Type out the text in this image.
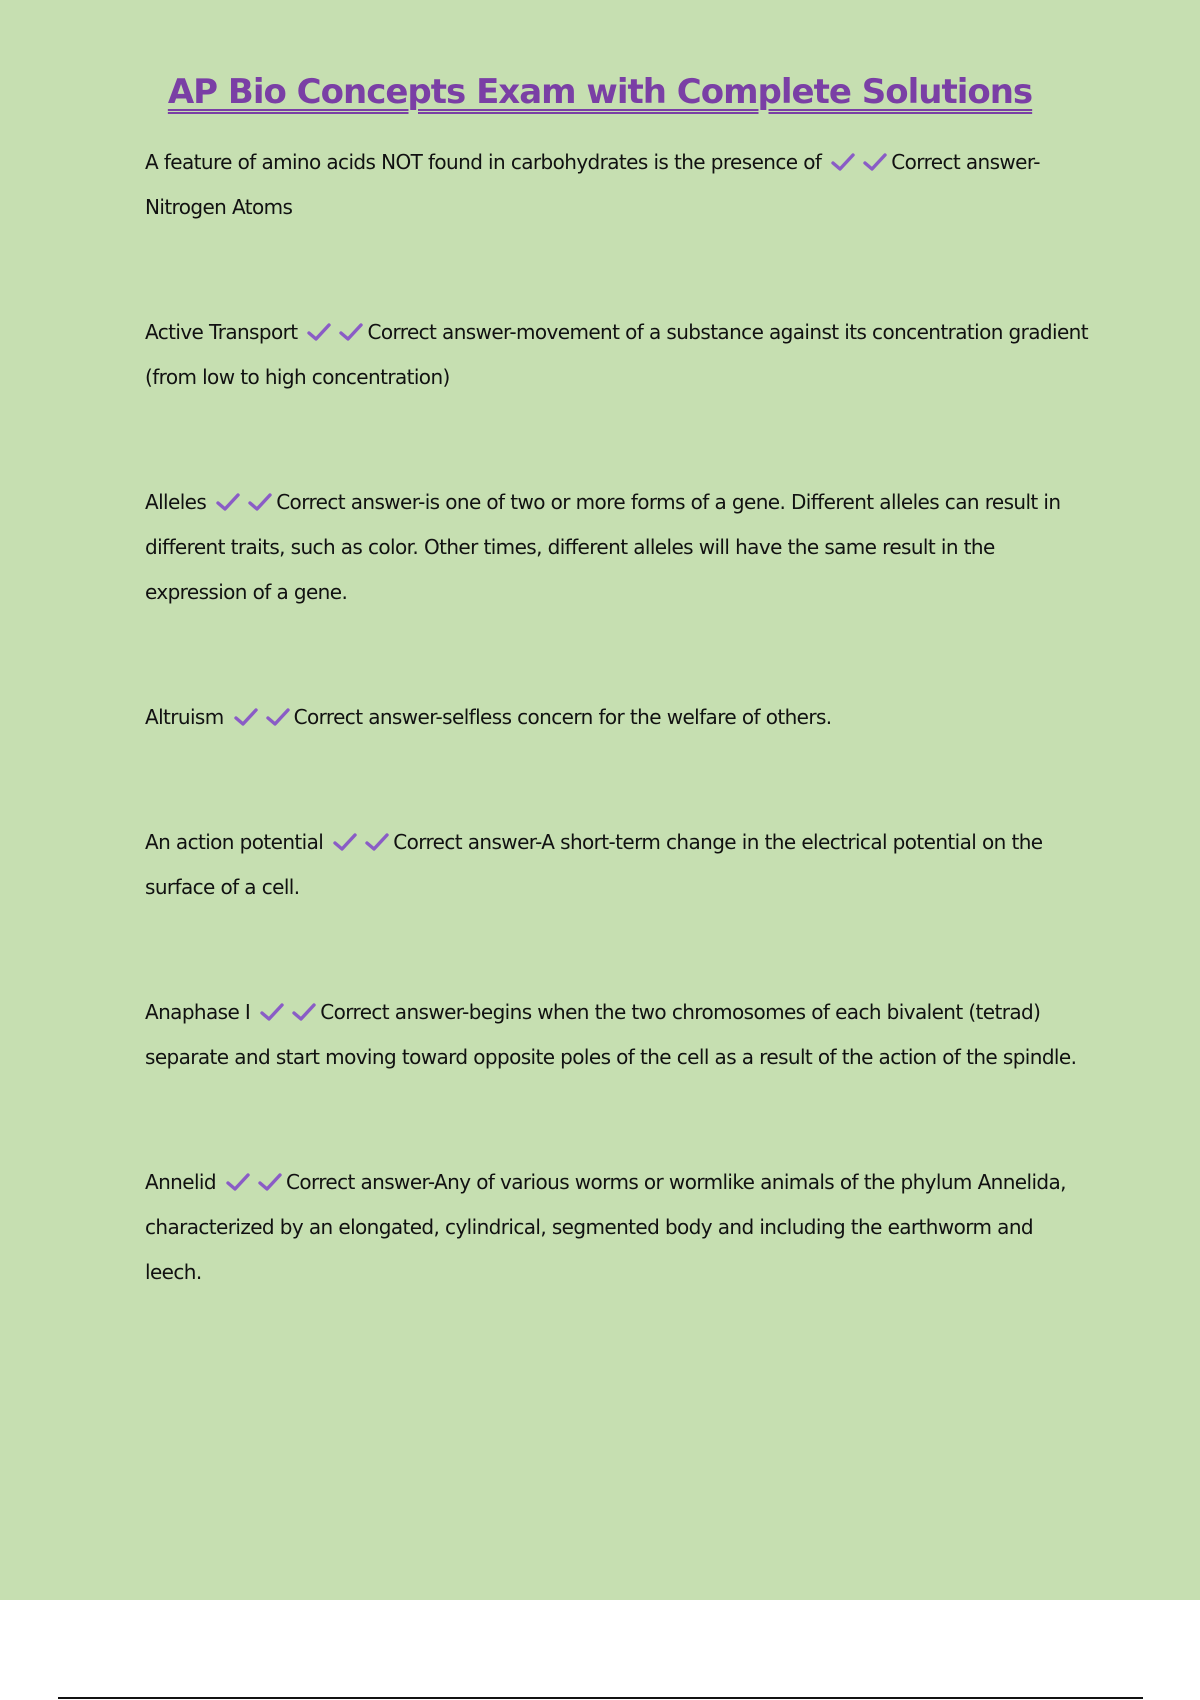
AP Bio Concepts Exam with Complete Solutions

A feature of amino acids NOT found in carbohydrates is the presence of	Correct answer-Nitrogen Atoms

Active Transport	Correct answer-movement of a substance against its concentration gradient (from low to high concentration)

Alleles	Correct answer-is one of two or more forms of a gene. Different alleles can result in different traits, such as color. Other times, different alleles will have the same result in the expression of a gene.

Altruism	Correct answer-selfless concern for the welfare of others.

An action potential	Correct answer-A short-term change in the electrical potential on the surface of a cell.

Anaphase I	Correct answer-begins when the two chromosomes of each bivalent (tetrad) separate and start moving toward opposite poles of the cell as a result of the action of the spindle.

Annelid	Correct answer-Any of various worms or wormlike animals of the phylum Annelida, characterized by an elongated, cylindrical, segmented body and including the earthworm and leech.
